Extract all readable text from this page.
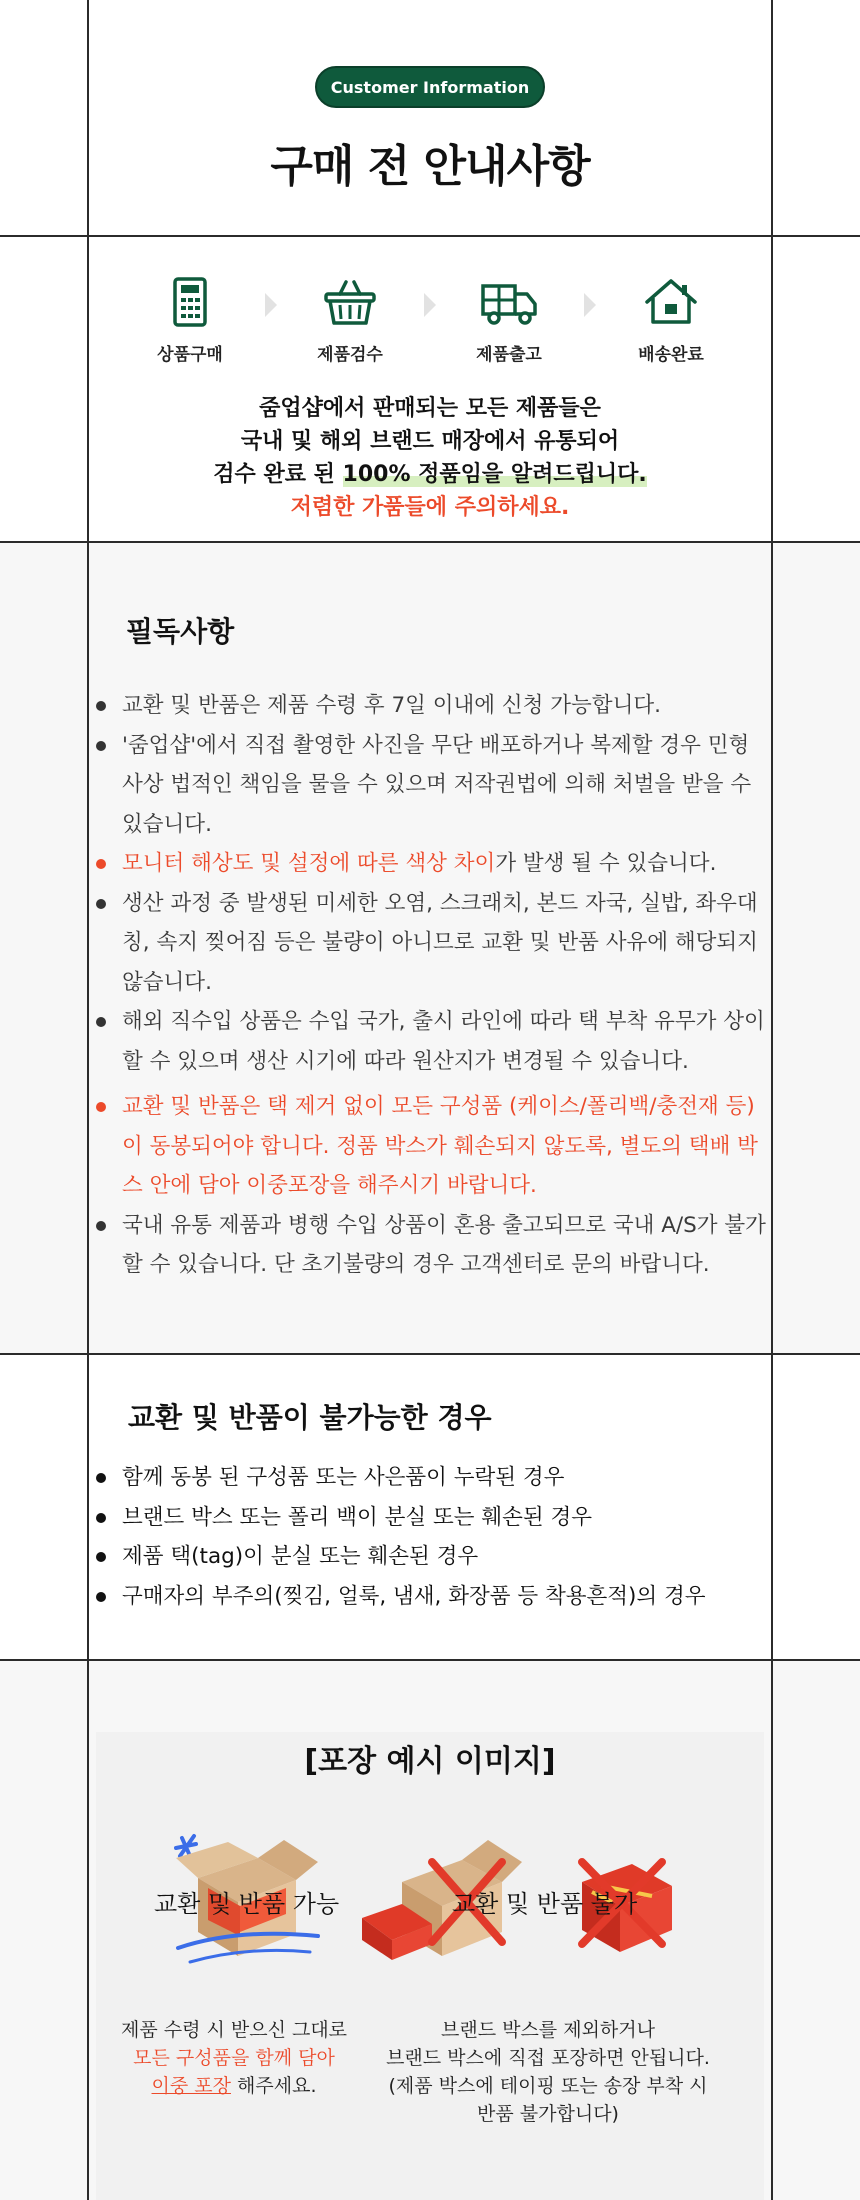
Customer Information
구매 전 안내사항
상품구매	제품검수	제품출고	배송완료
줌업샵에서 판매되는 모든 제품들은
국내 및 해외 브랜드 매장에서 유통되어
검수 완료 된 100% 정품임을 알려드립니다.
저렴한 가품들에 주의하세요.
필독사항
교환 및 반품은 제품 수령 후 7일 이내에 신청 가능합니다.
'줌업샵'에서 직접 촬영한 사진을 무단 배포하거나 복제할 경우 민형사상 법적인 책임을 물을 수 있으며 저작권법에 의해 처벌을 받을 수 있습니다.
모니터 해상도 및 설정에 따른 색상 차이가 발생 될 수 있습니다.
생산 과정 중 발생된 미세한 오염, 스크래치, 본드 자국, 실밥, 좌우대칭, 속지 찢어짐 등은 불량이 아니므로 교환 및 반품 사유에 해당되지 않습니다.
해외 직수입 상품은 수입 국가, 출시 라인에 따라 택 부착 유무가 상이할 수 있으며 생산 시기에 따라 원산지가 변경될 수 있습니다.
교환 및 반품은 택 제거 없이 모든 구성품 (케이스/폴리백/충전재 등)이 동봉되어야 합니다. 정품 박스가 훼손되지 않도록, 별도의 택배 박스 안에 담아 이중포장을 해주시기 바랍니다.
국내 유통 제품과 병행 수입 상품이 혼용 출고되므로 국내 A/S가 불가할 수 있습니다. 단 초기불량의 경우 고객센터로 문의 바랍니다.
교환 및 반품이 불가능한 경우
함께 동봉 된 구성품 또는 사은품이 누락된 경우
브랜드 박스 또는 폴리 백이 분실 또는 훼손된 경우
제품 택(tag)이 분실 또는 훼손된 경우
구매자의 부주의(찢김, 얼룩, 냄새, 화장품 등 착용흔적)의 경우
[포장 예시 이미지]
교환 및 반품 가능	교환 및 반품 불가
제품 수령 시 받으신 그대로
모든 구성품을 함께 담아
이중 포장 해주세요.
브랜드 박스를 제외하거나
브랜드 박스에 직접 포장하면 안됩니다.
(제품 박스에 테이핑 또는 송장 부착 시
반품 불가합니다)
